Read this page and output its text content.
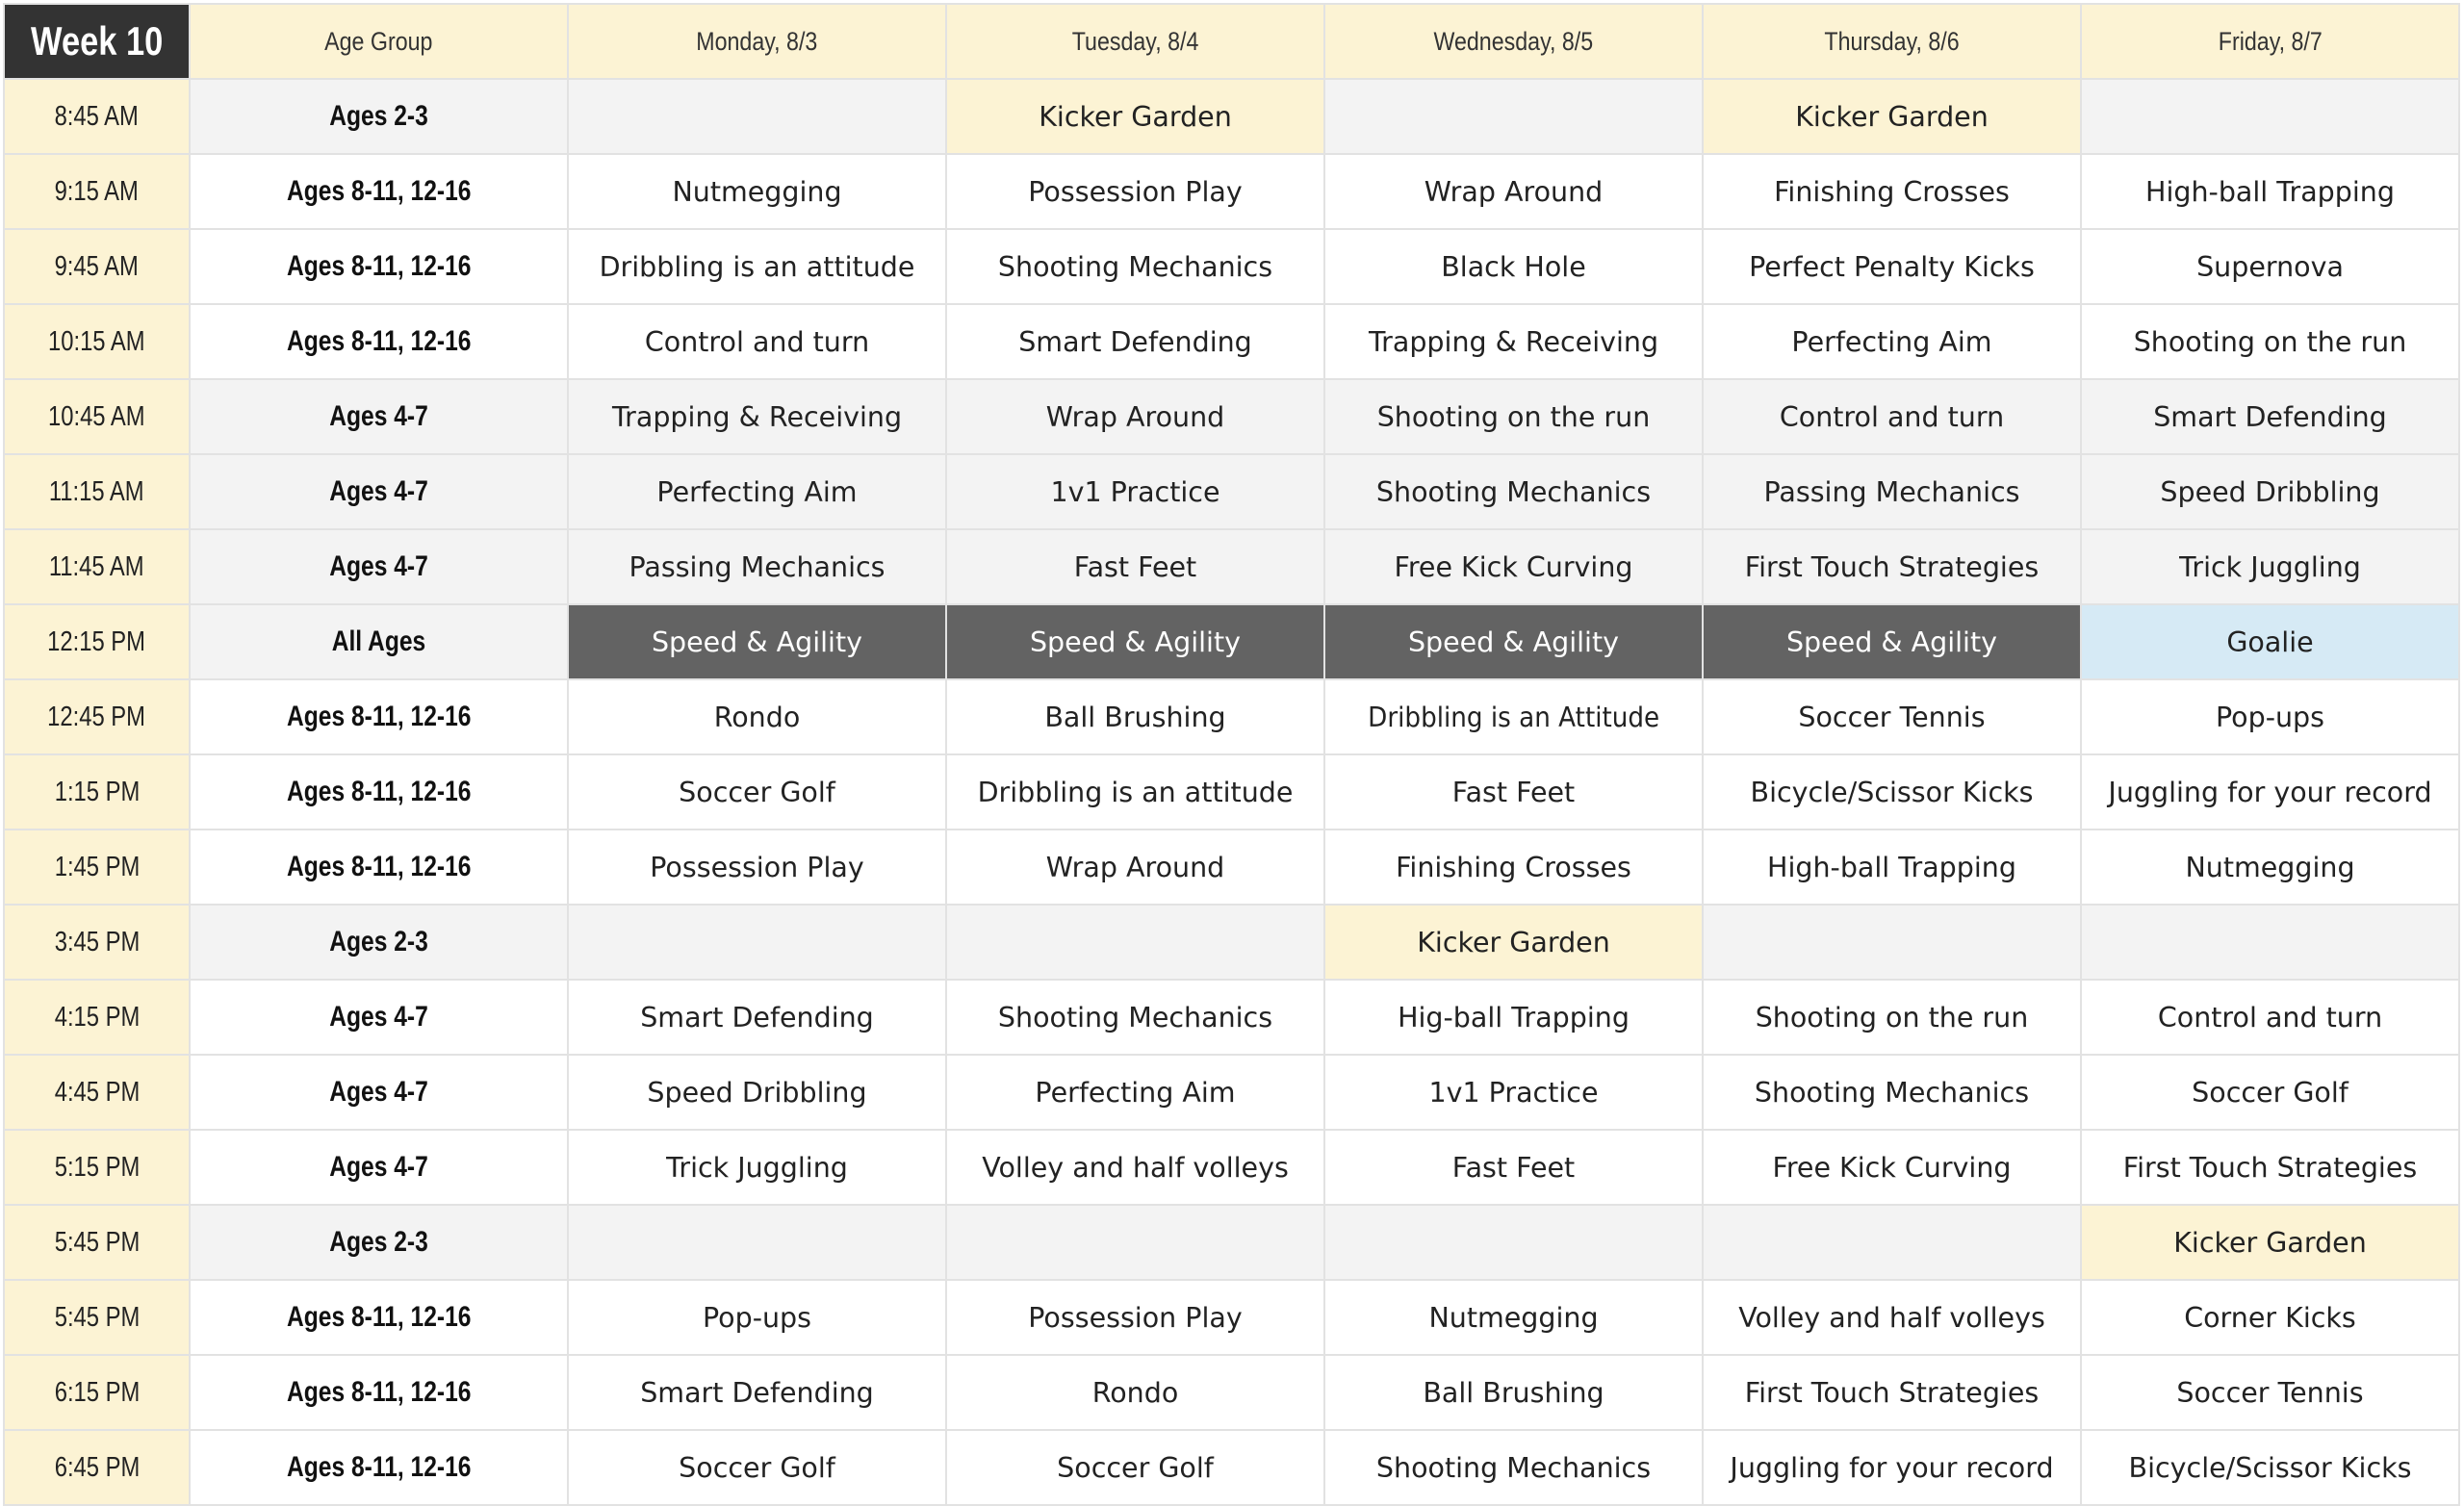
Week 10	Age Group	Monday, 8/3	Tuesday, 8/4	Wednesday, 8/5	Thursday, 8/6	Friday, 8/7
8:45 AM	Ages 2-3		Kicker Garden		Kicker Garden	
9:15 AM	Ages 8-11, 12-16	Nutmegging	Possession Play	Wrap Around	Finishing Crosses	High-ball Trapping
9:45 AM	Ages 8-11, 12-16	Dribbling is an attitude	Shooting Mechanics	Black Hole	Perfect Penalty Kicks	Supernova
10:15 AM	Ages 8-11, 12-16	Control and turn	Smart Defending	Trapping & Receiving	Perfecting Aim	Shooting on the run
10:45 AM	Ages 4-7	Trapping & Receiving	Wrap Around	Shooting on the run	Control and turn	Smart Defending
11:15 AM	Ages 4-7	Perfecting Aim	1v1 Practice	Shooting Mechanics	Passing Mechanics	Speed Dribbling
11:45 AM	Ages 4-7	Passing Mechanics	Fast Feet	Free Kick Curving	First Touch Strategies	Trick Juggling
12:15 PM	All Ages	Speed & Agility	Speed & Agility	Speed & Agility	Speed & Agility	Goalie
12:45 PM	Ages 8-11, 12-16	Rondo	Ball Brushing	Dribbling is an Attitude	Soccer Tennis	Pop-ups
1:15 PM	Ages 8-11, 12-16	Soccer Golf	Dribbling is an attitude	Fast Feet	Bicycle/Scissor Kicks	Juggling for your record
1:45 PM	Ages 8-11, 12-16	Possession Play	Wrap Around	Finishing Crosses	High-ball Trapping	Nutmegging
3:45 PM	Ages 2-3			Kicker Garden		
4:15 PM	Ages 4-7	Smart Defending	Shooting Mechanics	Hig-ball Trapping	Shooting on the run	Control and turn
4:45 PM	Ages 4-7	Speed Dribbling	Perfecting Aim	1v1 Practice	Shooting Mechanics	Soccer Golf
5:15 PM	Ages 4-7	Trick Juggling	Volley and half volleys	Fast Feet	Free Kick Curving	First Touch Strategies
5:45 PM	Ages 2-3					Kicker Garden
5:45 PM	Ages 8-11, 12-16	Pop-ups	Possession Play	Nutmegging	Volley and half volleys	Corner Kicks
6:15 PM	Ages 8-11, 12-16	Smart Defending	Rondo	Ball Brushing	First Touch Strategies	Soccer Tennis
6:45 PM	Ages 8-11, 12-16	Soccer Golf	Soccer Golf	Shooting Mechanics	Juggling for your record	Bicycle/Scissor Kicks
